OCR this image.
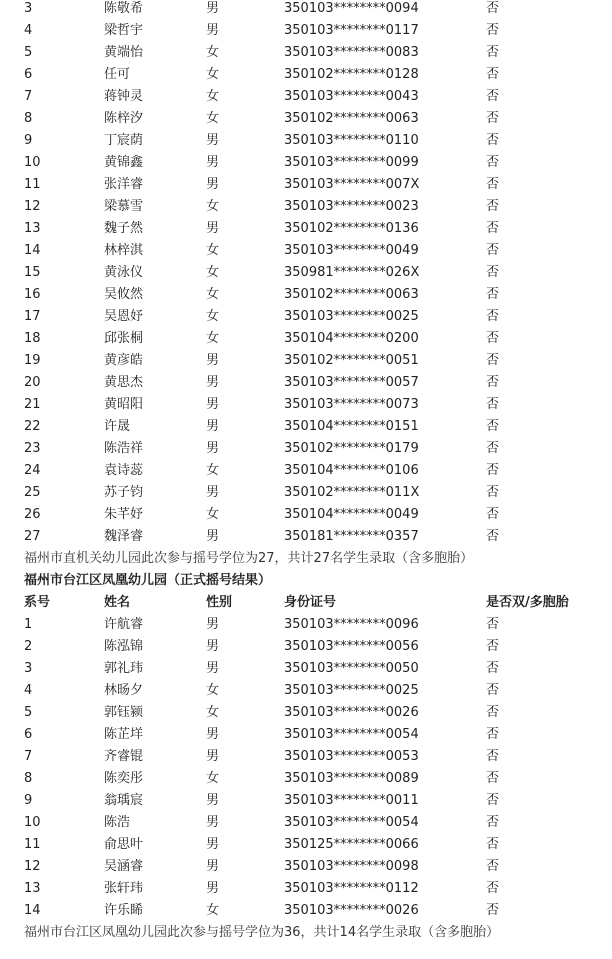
3	陈敬希	男	350103********0094	否
4	梁哲宇	男	350103********0117	否
5	黄端怡	女	350103********0083	否
6	任可	女	350102********0128	否
7	蒋钟灵	女	350103********0043	否
8	陈梓汐	女	350102********0063	否
9	丁宸荫	男	350103********0110	否
10	黄锦鑫	男	350103********0099	否
11	张洋睿	男	350103********007X	否
12	梁慕雪	女	350103********0023	否
13	魏子然	男	350102********0136	否
14	林梓淇	女	350103********0049	否
15	黄泳仪	女	350981********026X	否
16	吴攸然	女	350102********0063	否
17	吴恩妤	女	350103********0025	否
18	邱张桐	女	350104********0200	否
19	黄彦皓	男	350102********0051	否
20	黄思杰	男	350103********0057	否
21	黄昭阳	男	350103********0073	否
22	许晟	男	350104********0151	否
23	陈浩祥	男	350102********0179	否
24	袁诗蕊	女	350104********0106	否
25	苏子钧	男	350102********011X	否
26	朱芊妤	女	350104********0049	否
27	魏泽睿	男	350181********0357	否
福州市直机关幼儿园此次参与摇号学位为27，共计27名学生录取（含多胞胎）
福州市台江区凤凰幼儿园（正式摇号结果）
系号	姓名	性别	身份证号	是否双/多胞胎
1	许航睿	男	350103********0096	否
2	陈泓锦	男	350103********0056	否
3	郭礼玮	男	350103********0050	否
4	林旸夕	女	350103********0025	否
5	郭钰颍	女	350103********0026	否
6	陈芷垟	男	350103********0054	否
7	齐睿锟	男	350103********0053	否
8	陈奕彤	女	350103********0089	否
9	翁瑀宸	男	350103********0011	否
10	陈浩	男	350103********0054	否
11	俞思叶	男	350125********0066	否
12	吴涵睿	男	350103********0098	否
13	张轩玮	男	350103********0112	否
14	许乐睎	女	350103********0026	否
福州市台江区凤凰幼儿园此次参与摇号学位为36，共计14名学生录取（含多胞胎）
